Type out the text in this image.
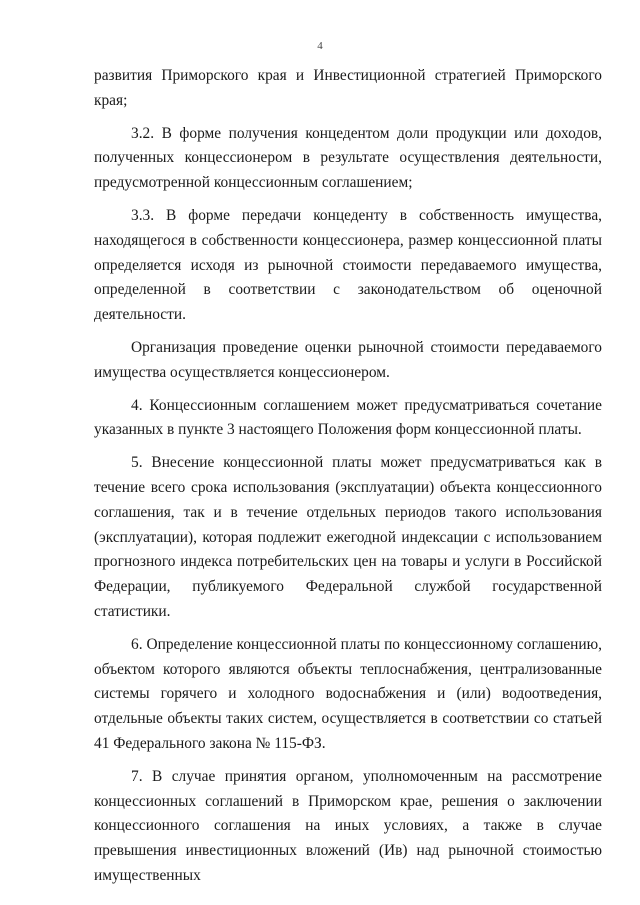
4

развития Приморского края и Инвестиционной стратегией Приморского края;

3.2. В форме получения концедентом доли продукции или доходов, полученных концессионером в результате осуществления деятельности, предусмотренной концессионным соглашением;

3.3. В форме передачи концеденту в собственность имущества, находящегося в собственности концессионера, размер концессионной платы определяется исходя из рыночной стоимости передаваемого имущества, определенной в соответствии с законодательством об оценочной деятельности.

Организация проведение оценки рыночной стоимости передаваемого имущества осуществляется концессионером.

4. Концессионным соглашением может предусматриваться сочетание указанных в пункте 3 настоящего Положения форм концессионной платы.

5. Внесение концессионной платы может предусматриваться как в течение всего срока использования (эксплуатации) объекта концессионного соглашения, так и в течение отдельных периодов такого использования (эксплуатации), которая подлежит ежегодной индексации с использованием прогнозного индекса потребительских цен на товары и услуги в Российской Федерации, публикуемого Федеральной службой государственной статистики.

6. Определение концессионной платы по концессионному соглашению, объектом которого являются объекты теплоснабжения, централизованные системы горячего и холодного водоснабжения и (или) водоотведения, отдельные объекты таких систем, осуществляется в соответствии со статьей 41 Федерального закона № 115-ФЗ.

7. В случае принятия органом, уполномоченным на рассмотрение концессионных соглашений в Приморском крае, решения о заключении концессионного соглашения на иных условиях, а также в случае превышения инвестиционных вложений (Ив) над рыночной стоимостью имущественных
